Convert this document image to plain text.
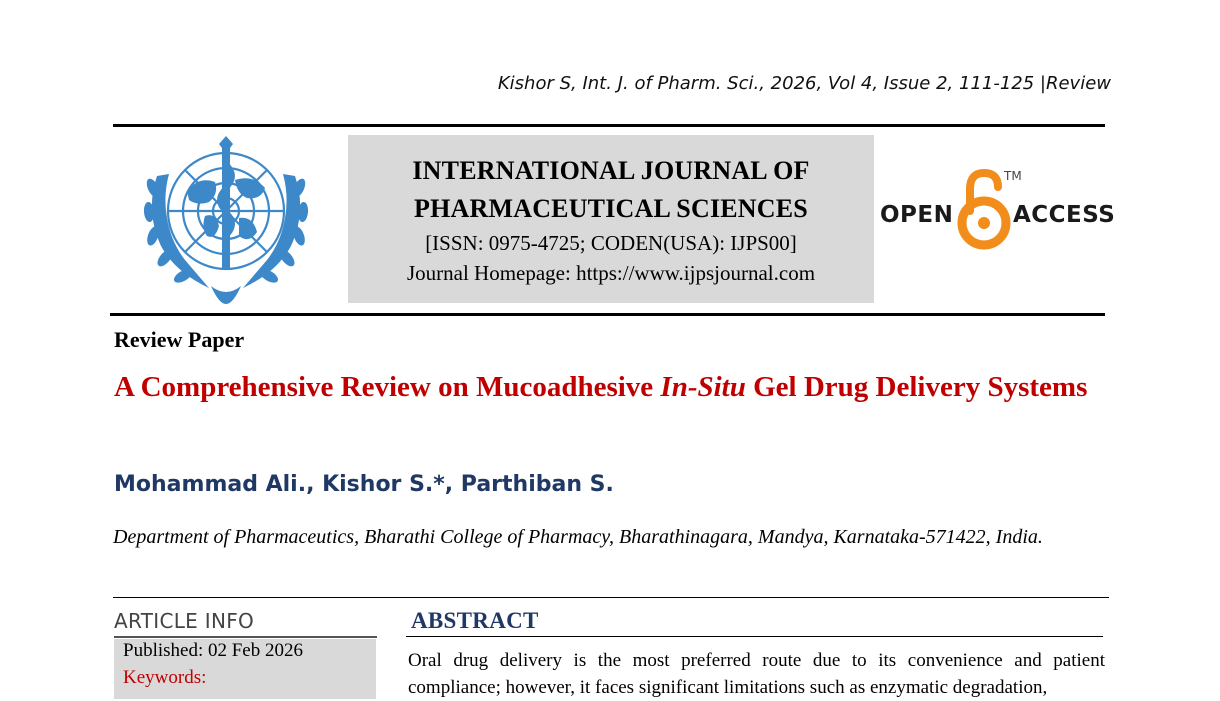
Kishor S, Int. J. of Pharm. Sci., 2026, Vol 4, Issue 2, 111-125 |Review
INTERNATIONAL JOURNAL OF
PHARMACEUTICAL SCIENCES
[ISSN: 0975-4725; CODEN(USA): IJPS00]
Journal Homepage: https://www.ijpsjournal.com
OPEN
TM
ACCESS
Review Paper
A Comprehensive Review on Mucoadhesive In-Situ Gel Drug Delivery Systems
Mohammad Ali., Kishor S.*, Parthiban S.
Department of Pharmaceutics, Bharathi College of Pharmacy, Bharathinagara, Mandya, Karnataka-571422, India.
ARTICLE INFO
Published: 02 Feb 2026
Keywords:
ABSTRACT
Oral drug delivery is the most preferred route due to its convenience and patient compliance; however, it faces significant limitations such as enzymatic degradation,
